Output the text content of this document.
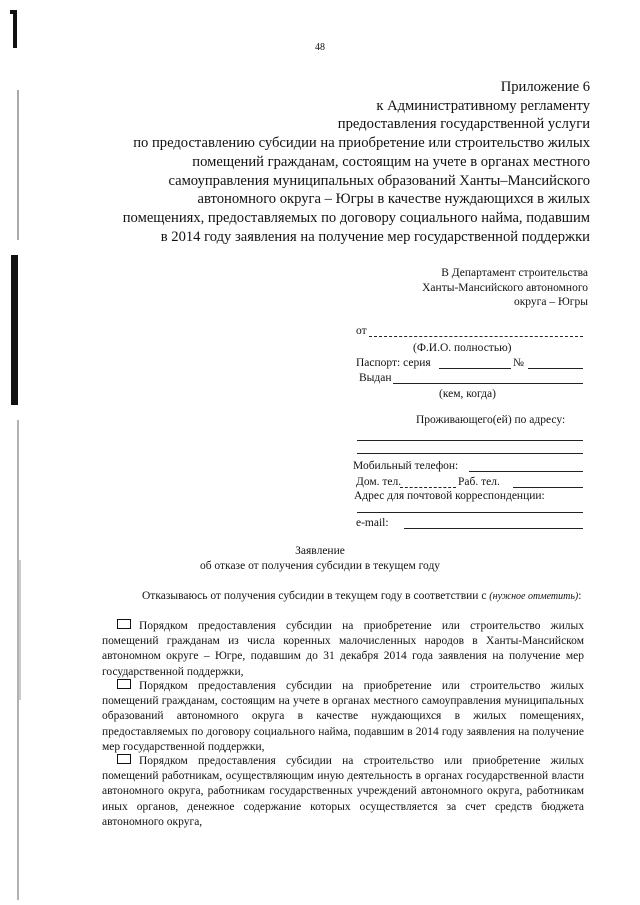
48
Приложение 6
к Административному регламенту
предоставления государственной услуги
по предоставлению субсидии на приобретение или строительство жилых
помещений гражданам, состоящим на учете в органах местного
самоуправления муниципальных образований Ханты–Мансийского
автономного округа – Югры в качестве нуждающихся в жилых
помещениях, предоставляемых по договору социального найма, подавшим
в 2014 году заявления на получение мер государственной поддержки
В Департамент строительства
Ханты-Мансийского автономного
округа – Югры
от
(Ф.И.О. полностью)
Паспорт: серия	№
Выдан
(кем, когда)
Проживающего(ей) по адресу:
Мобильный телефон:
Дом. тел.	Раб. тел.
Адрес для почтовой корреспонденции:
e-mail:
Заявление
об отказе от получения субсидии в текущем году
Отказываюсь от получения субсидии в текущем году в соответствии с (нужное отметить):
Порядком предоставления субсидии на приобретение или строительство жилых помещений гражданам из числа коренных малочисленных народов в Ханты-Мансийском автономном округе – Югре, подавшим до 31 декабря 2014 года заявления на получение мер государственной поддержки,
Порядком предоставления субсидии на приобретение или строительство жилых помещений гражданам, состоящим на учете в органах местного самоуправления муниципальных образований автономного округа в качестве нуждающихся в жилых помещениях, предоставляемых по договору социального найма, подавшим в 2014 году заявления на получение мер государственной поддержки,
Порядком предоставления субсидии на строительство или приобретение жилых помещений работникам, осуществляющим иную деятельность в органах государственной власти автономного округа, работникам государственных учреждений автономного округа, работникам иных органов, денежное содержание которых осуществляется за счет средств бюджета автономного округа,
